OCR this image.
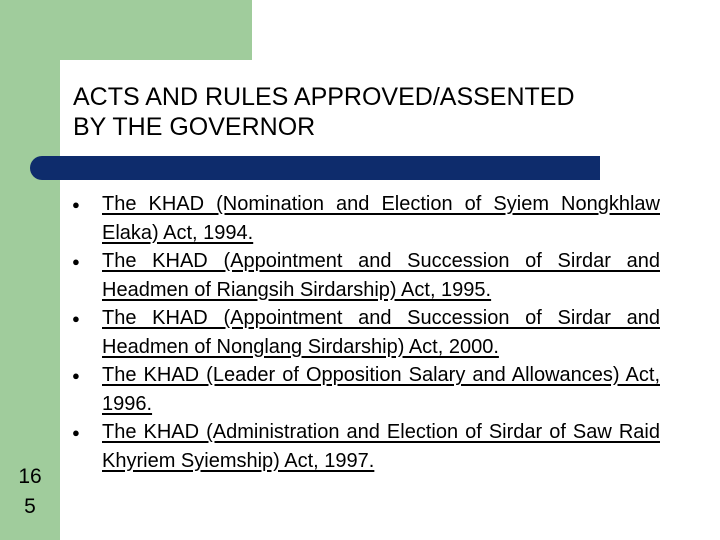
16
5
ACTS AND RULES APPROVED/ASSENTED
BY THE GOVERNOR
● The KHAD (Nomination and Election of Syiem Nongkhlaw Elaka) Act, 1994.
● The KHAD (Appointment and Succession of Sirdar and Headmen of Riangsih Sirdarship) Act, 1995.
● The KHAD (Appointment and Succession of Sirdar and Headmen of Nonglang Sirdarship) Act, 2000.
● The KHAD (Leader of Opposition Salary and Allowances) Act, 1996.
● The KHAD (Administration and Election of Sirdar of Saw Raid Khyriem Syiemship) Act, 1997.
